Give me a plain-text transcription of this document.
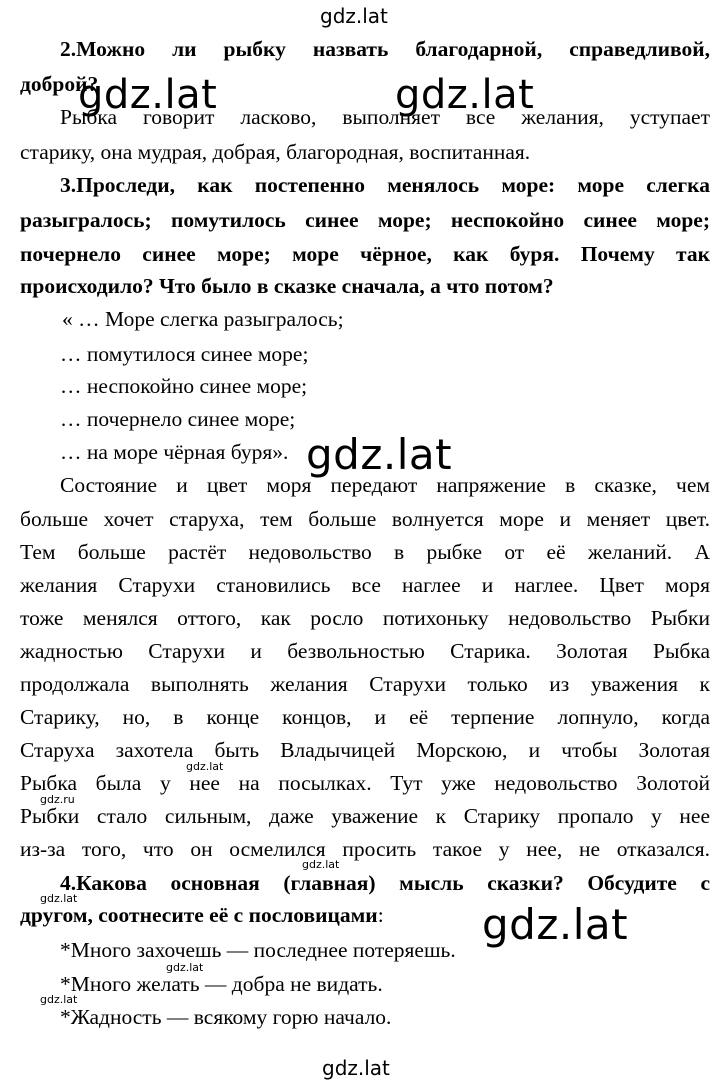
gdz.lat
2.Можно ли рыбку назвать благодарной, справедливой,
доброй?
gdz.lat	gdz.lat
Рыбка говорит ласково, выполняет все желания, уступает
старику, она мудрая, добрая, благородная, воспитанная.
3.Проследи, как постепенно менялось море: море слегка
разыгралось; помутилось синее море; неспокойно синее море;
почернело синее море; море чёрное, как буря. Почему так
происходило? Что было в сказке сначала, а что потом?
« … Море слегка разыгралось;
… помутилося синее море;
… неспокойно синее море;
… почернело синее море;
… на море чёрная буря». gdz.lat
Состояние и цвет моря передают напряжение в сказке, чем
больше хочет старуха, тем больше волнуется море и меняет цвет.
Тем больше растёт недовольство в рыбке от её желаний. А
желания Старухи становились все наглее и наглее. Цвет моря
тоже менялся оттого, как росло потихоньку недовольство Рыбки
жадностью Старухи и безвольностью Старика. Золотая Рыбка
продолжала выполнять желания Старухи только из уважения к
Старику, но, в конце концов, и её терпение лопнуло, когда
Старуха захотела быть Владычицей Морскою, и чтобы Золотая
gdz.lat
Рыбка была у нее на посылках. Тут уже недовольство Золотой
gdz.ru
Рыбки стало сильным, даже уважение к Старику пропало у нее
из-за того, что он осмелился просить такое у нее, не отказался.
gdz.lat
4.Какова основная (главная) мысль сказки? Обсудите с
gdz.lat
другом, соотнесите её с пословицами:	gdz.lat
*Много захочешь — последнее потеряешь.
gdz.lat
*Много желать — добра не видать.
gdz.lat
*Жадность — всякому горю начало.
gdz.lat
